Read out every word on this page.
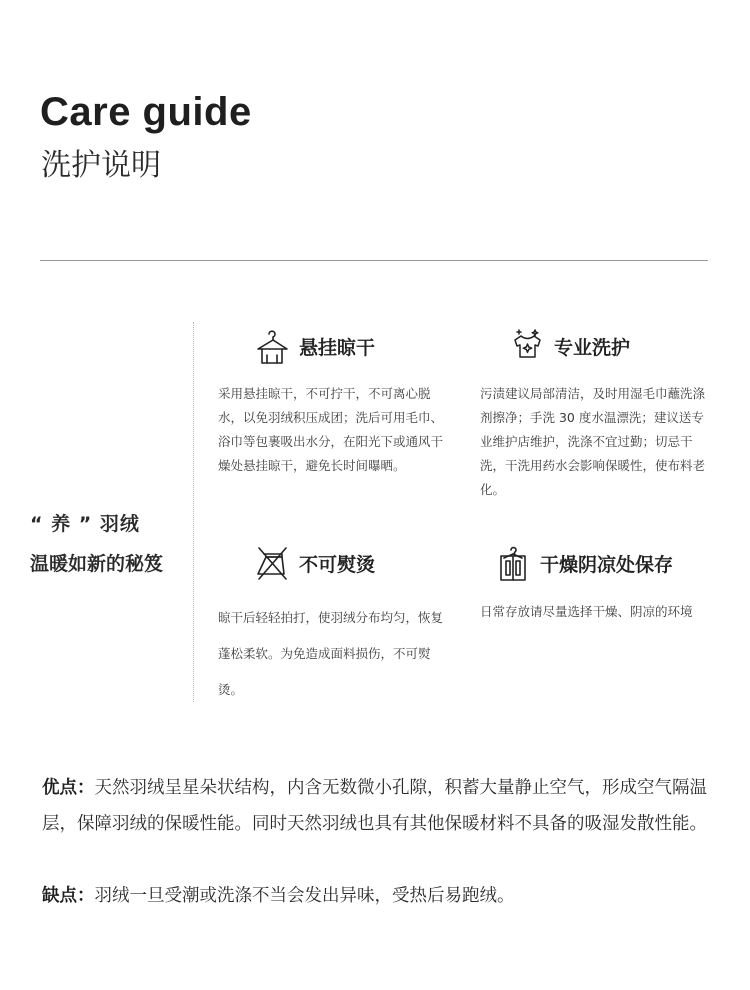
Care guide
洗护说明
“ 养 ” 羽绒
温暖如新的秘笈
悬挂晾干
采用悬挂晾干，不可拧干，不可离心脱水，以免羽绒积压成团；洗后可用毛巾、浴巾等包裹吸出水分，在阳光下或通风干燥处悬挂晾干，避免长时间曝晒。
专业洗护
污渍建议局部清洁，及时用湿毛巾蘸洗涤剂擦净；手洗 30 度水温漂洗；建议送专业维护店维护，洗涤不宜过勤；切忌干洗，干洗用药水会影响保暖性，使布料老化。
不可熨烫
晾干后轻轻拍打，使羽绒分布均匀，恢复蓬松柔软。为免造成面料损伤，不可熨烫。
干燥阴凉处保存
日常存放请尽量选择干燥、阴凉的环境
优点：天然羽绒呈星朵状结构，内含无数微小孔隙，积蓄大量静止空气，形成空气隔温层，保障羽绒的保暖性能。同时天然羽绒也具有其他保暖材料不具备的吸湿发散性能。
缺点：羽绒一旦受潮或洗涤不当会发出异味，受热后易跑绒。
